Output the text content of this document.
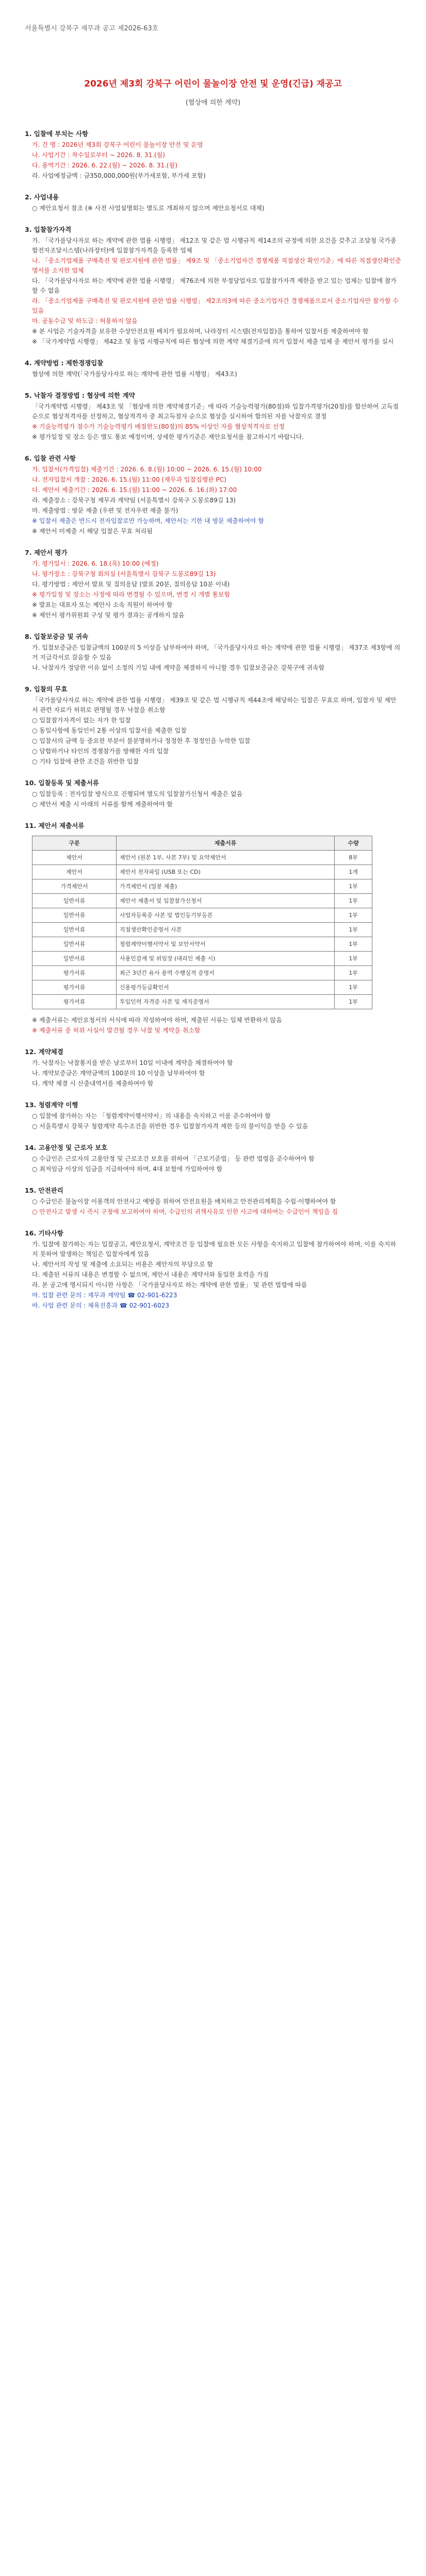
서울특별시 강북구 재무과 공고 제2026-63호
2026년 제3회 강북구 어린이 물놀이장 안전 및 운영(긴급) 재공고
(협상에 의한 계약)
1. 입찰에 부치는 사항
가. 건 명 : 2026년 제3회 강북구 어린이 물놀이장 안전 및 운영
나. 사업기간 : 착수일로부터 ~ 2026. 8. 31.(월)
다. 용역기간 : 2026. 6. 22.(월) ~ 2026. 8. 31.(월)
라. 사업예정금액 : 금350,000,000원(부가세포함, 부가세 포함)
2. 사업내용
○ 제안요청서 참조 (※ 사전 사업설명회는 별도로 개최하지 않으며 제안요청서로 대체)
3. 입찰참가자격
가. 「국가를당사자로 하는 계약에 관한 법률 시행령」 제12조 및 같은 법 시행규칙 제14조의 규정에 의한 요건을 갖추고 조달청 국가종합전자조달시스템(나라장터)에 입찰참가자격을 등록한 업체
나. 「중소기업제품 구매촉진 및 판로지원에 관한 법률」 제9조 및 「중소기업자간 경쟁제품 직접생산 확인기준」에 따른 직접생산확인증명서를 소지한 업체
다. 「국가를당사자로 하는 계약에 관한 법률 시행령」 제76조에 의한 부정당업자로 입찰참가자격 제한을 받고 있는 업체는 입찰에 참가할 수 없음
라. 「중소기업제품 구매촉진 및 판로지원에 관한 법률 시행령」 제2조의3에 따른 중소기업자간 경쟁제품으로서 중소기업자만 참가할 수 있음
마. 공동수급 및 하도급 : 허용하지 않음
※ 본 사업은 기술자격을 보유한 수상안전요원 배치가 필요하며, 나라장터 시스템(전자입찰)을 통하여 입찰서를 제출하여야 함
※ 「국가계약법 시행령」 제42조 및 동법 시행규칙에 따른 협상에 의한 계약 체결기준에 의거 입찰서 제출 업체 중 제안서 평가를 실시
4. 계약방법 : 제한경쟁입찰
협상에 의한 계약(「국가를당사자로 하는 계약에 관한 법률 시행령」 제43조)
5. 낙찰자 결정방법 : 협상에 의한 계약
「국가계약법 시행령」 제43조 및 「협상에 의한 계약체결기준」에 따라 기술능력평가(80점)와 입찰가격평가(20점)를 합산하여 고득점 순으로 협상적격자를 선정하고, 협상적격자 중 최고득점자 순으로 협상을 실시하여 합의된 자를 낙찰자로 결정
※ 기술능력평가 점수가 기술능력평가 배점한도(80점)의 85% 이상인 자를 협상적격자로 선정
※ 평가일정 및 장소 등은 별도 통보 예정이며, 상세한 평가기준은 제안요청서를 참고하시기 바랍니다.
6. 입찰 관련 사항
가. 입찰서(가격입찰) 제출기간 : 2026. 6. 8.(월) 10:00 ~ 2026. 6. 15.(월) 10:00
나. 전자입찰서 개찰 : 2026. 6. 15.(월) 11:00 (재무과 입찰집행관 PC)
다. 제안서 제출기간 : 2026. 6. 15.(월) 11:00 ~ 2026. 6. 16.(화) 17:00
라. 제출장소 : 강북구청 재무과 계약팀 (서울특별시 강북구 도봉로89길 13)
마. 제출방법 : 방문 제출 (우편 및 전자우편 제출 불가)
※ 입찰서 제출은 반드시 전자입찰로만 가능하며, 제안서는 기한 내 방문 제출하여야 함
※ 제안서 미제출 시 해당 입찰은 무효 처리됨
7. 제안서 평가
가. 평가일시 : 2026. 6. 18.(목) 10:00 (예정)
나. 평가장소 : 강북구청 회의실 (서울특별시 강북구 도봉로89길 13)
다. 평가방법 : 제안서 발표 및 질의응답 (발표 20분, 질의응답 10분 이내)
※ 평가일정 및 장소는 사정에 따라 변경될 수 있으며, 변경 시 개별 통보함
※ 발표는 대표자 또는 제안사 소속 직원이 하여야 함
※ 제안서 평가위원회 구성 및 평가 결과는 공개하지 않음
8. 입찰보증금 및 귀속
가. 입찰보증금은 입찰금액의 100분의 5 이상을 납부하여야 하며, 「국가를당사자로 하는 계약에 관한 법률 시행령」 제37조 제3항에 의거 지급각서로 갈음할 수 있음
나. 낙찰자가 정당한 이유 없이 소정의 기일 내에 계약을 체결하지 아니할 경우 입찰보증금은 강북구에 귀속함
9. 입찰의 무효
「국가를당사자로 하는 계약에 관한 법률 시행령」 제39조 및 같은 법 시행규칙 제44조에 해당하는 입찰은 무효로 하며, 입찰자 및 제안서 관련 자료가 허위로 판명될 경우 낙찰을 취소함
○ 입찰참가자격이 없는 자가 한 입찰
○ 동일사항에 동일인이 2통 이상의 입찰서를 제출한 입찰
○ 입찰서의 금액 등 중요한 부분이 불분명하거나 정정한 후 정정인을 누락한 입찰
○ 담합하거나 타인의 경쟁참가를 방해한 자의 입찰
○ 기타 입찰에 관한 조건을 위반한 입찰
10. 입찰등록 및 제출서류
○ 입찰등록 : 전자입찰 방식으로 진행되며 별도의 입찰참가신청서 제출은 없음
○ 제안서 제출 시 아래의 서류를 함께 제출하여야 함
11. 제안서 제출서류
구분	제출서류	수량
제안서	제안서 (원본 1부, 사본 7부) 및 요약제안서	8부
제안서	제안서 전자파일 (USB 또는 CD)	1개
가격제안서	가격제안서 (밀봉 제출)	1부
일반서류	제안서 제출서 및 입찰참가신청서	1부
일반서류	사업자등록증 사본 및 법인등기부등본	1부
일반서류	직접생산확인증명서 사본	1부
일반서류	청렴계약이행서약서 및 보안서약서	1부
일반서류	사용인감계 및 위임장 (대리인 제출 시)	1부
평가서류	최근 3년간 유사 용역 수행실적 증명서	1부
평가서류	신용평가등급확인서	1부
평가서류	투입인력 자격증 사본 및 재직증명서	1부
※ 제출서류는 제안요청서의 서식에 따라 작성하여야 하며, 제출된 서류는 일체 반환하지 않음
※ 제출서류 중 허위 사실이 발견될 경우 낙찰 및 계약을 취소함
12. 계약체결
가. 낙찰자는 낙찰통지를 받은 날로부터 10일 이내에 계약을 체결하여야 함
나. 계약보증금은 계약금액의 100분의 10 이상을 납부하여야 함
다. 계약 체결 시 산출내역서를 제출하여야 함
13. 청렴계약 이행
○ 입찰에 참가하는 자는 「청렴계약이행서약서」의 내용을 숙지하고 이를 준수하여야 함
○ 서울특별시 강북구 청렴계약 특수조건을 위반한 경우 입찰참가자격 제한 등의 불이익을 받을 수 있음
14. 고용안정 및 근로자 보호
○ 수급인은 근로자의 고용안정 및 근로조건 보호를 위하여 「근로기준법」 등 관련 법령을 준수하여야 함
○ 최저임금 이상의 임금을 지급하여야 하며, 4대 보험에 가입하여야 함
15. 안전관리
○ 수급인은 물놀이장 이용객의 안전사고 예방을 위하여 안전요원을 배치하고 안전관리계획을 수립·이행하여야 함
○ 안전사고 발생 시 즉시 구청에 보고하여야 하며, 수급인의 귀책사유로 인한 사고에 대하여는 수급인이 책임을 짐
16. 기타사항
가. 입찰에 참가하는 자는 입찰공고, 제안요청서, 계약조건 등 입찰에 필요한 모든 사항을 숙지하고 입찰에 참가하여야 하며, 이를 숙지하지 못하여 발생하는 책임은 입찰자에게 있음
나. 제안서의 작성 및 제출에 소요되는 비용은 제안자의 부담으로 함
다. 제출된 서류의 내용은 변경할 수 없으며, 제안서 내용은 계약서와 동일한 효력을 가짐
라. 본 공고에 명시되지 아니한 사항은 「국가를당사자로 하는 계약에 관한 법률」 및 관련 법령에 따름
마. 입찰 관련 문의 : 재무과 계약팀 ☎ 02-901-6223
바. 사업 관련 문의 : 체육진흥과 ☎ 02-901-6023
